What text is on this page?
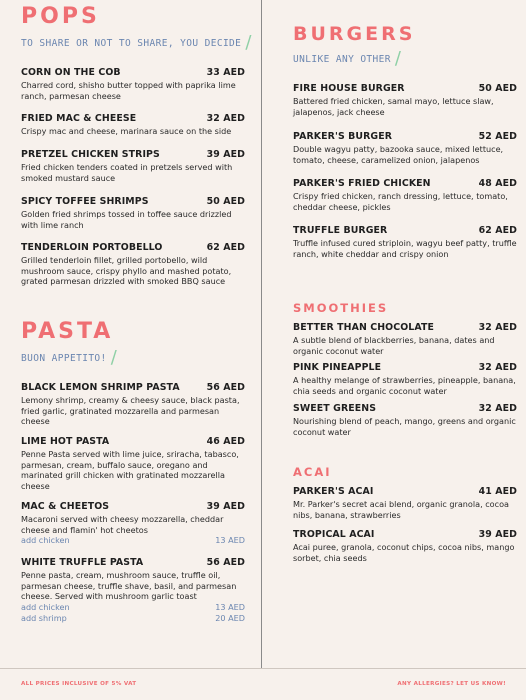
POPS
TO SHARE OR NOT TO SHARE, YOU DECIDE /
CORN ON THE COB	33 AED
Charred cord, shisho butter topped with paprika lime ranch, parmesan cheese
FRIED MAC & CHEESE	32 AED
Crispy mac and cheese, marinara sauce on the side
PRETZEL CHICKEN STRIPS	39 AED
Fried chicken tenders coated in pretzels served with smoked mustard sauce
SPICY TOFFEE SHRIMPS	50 AED
Golden fried shrimps tossed in toffee sauce drizzled with lime ranch
TENDERLOIN PORTOBELLO	62 AED
Grilled tenderloin fillet, grilled portobello, wild mushroom sauce, crispy phyllo and mashed potato, grated parmesan drizzled with smoked BBQ sauce
PASTA
BUON APPETITO! /
BLACK LEMON SHRIMP PASTA	56 AED
Lemony shrimp, creamy & cheesy sauce, black pasta, fried garlic, gratinated mozzarella and parmesan cheese
LIME HOT PASTA	46 AED
Penne Pasta served with lime juice, sriracha, tabasco, parmesan, cream, buffalo sauce, oregano and marinated grill chicken with gratinated mozzarella cheese
MAC & CHEETOS	39 AED
Macaroni served with cheesy mozzarella, cheddar cheese and flamin' hot cheetos
add chicken	13 AED
WHITE TRUFFLE PASTA	56 AED
Penne pasta, cream, mushroom sauce, truffle oil, parmesan cheese, truffle shave, basil, and parmesan cheese. Served with mushroom garlic toast
add chicken	13 AED
add shrimp	20 AED
BURGERS
UNLIKE ANY OTHER /
FIRE HOUSE BURGER	50 AED
Battered fried chicken, samal mayo, lettuce slaw, jalapenos, jack cheese
PARKER'S BURGER	52 AED
Double wagyu patty, bazooka sauce, mixed lettuce, tomato, cheese, caramelized onion, jalapenos
PARKER'S FRIED CHICKEN	48 AED
Crispy fried chicken, ranch dressing, lettuce, tomato, cheddar cheese, pickles
TRUFFLE BURGER	62 AED
Truffle infused cured striploin, wagyu beef patty, truffle ranch, white cheddar and crispy onion
SMOOTHIES
BETTER THAN CHOCOLATE	32 AED
A subtle blend of blackberries, banana, dates and organic coconut water
PINK PINEAPPLE	32 AED
A healthy melange of strawberries, pineapple, banana, chia seeds and organic coconut water
SWEET GREENS	32 AED
Nourishing blend of peach, mango, greens and organic coconut water
ACAI
PARKER'S ACAI	41 AED
Mr. Parker's secret acai blend, organic granola, cocoa nibs, banana, strawberries
TROPICAL ACAI	39 AED
Acai puree, granola, coconut chips, cocoa nibs, mango sorbet, chia seeds
ALL PRICES INCLUSIVE OF 5% VAT	ANY ALLERGIES? LET US KNOW!
